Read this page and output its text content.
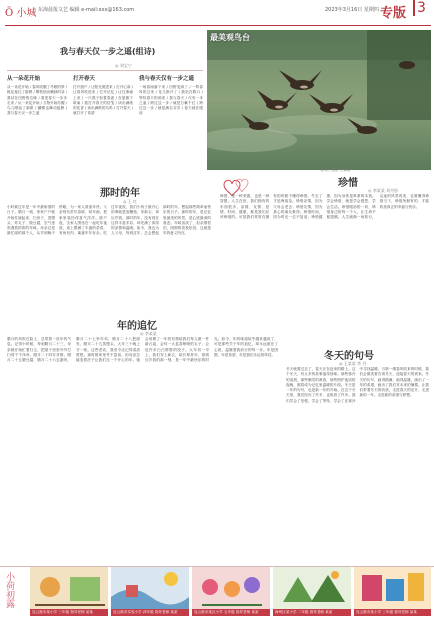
Ö 小城 东海晨报文艺 编辑 e-mail:xxx@163.com	2023年3月16日 星期四 专版 3
我与春天仅一步之遥(组诗)
◎ 刘宝宁
从一朵花开始
从一朵花开始 / 春风吹醒了冬眠的梦 / 桃花羞红了脸颊 / 柳枝抽出嫩绿的芽 / 我站在田野的边缘 / 看见春天一步步走来 / 从一朵花开始 / 万物开始苏醒 / 鸟儿唱起了新歌 / 蝴蝶也舞动翅膀 / 我与春天仅一步之遥
打开春天
打开窗户 / 让阳光照进来 / 打开心扉 / 让春风吹进来 / 打开记忆 / 让往事涌上来 / 一只燕子衔着春泥 / 在屋檐下筑巢 / 我打开春天的信笺 / 读出满纸的花香 / 读出满纸的鸟鸣 / 打开春天 / 就打开了希望
我与春天仅有一步之遥
一场春雨落下来 / 田野变绿了 / 一阵春风吹过来 / 花儿都开了 / 我站在路口 / 等待春天的到来 / 我与春天 / 仅有一步之遥 / 跨过这一步 / 就是万紫千红 / 跨过这一步 / 就是满目芬芳 / 春天就在眼前
最美观鸟台
观鸟台 摄影 王某某
那时的年
◎ 王 红
小时候过年是一年中最盼望的日子。腊月一到，家家户户就开始忙碌起来，扫房子、蒸馒头、炸丸子、做豆腐，空气里弥漫着浓浓的年味。母亲总是最忙碌的那个人，从早到晚不停歇，为一家人准备年货。父亲则负责写春联、贴年画，把家里装扮得喜气洋洋。除夕夜，全家人围坐在一起吃年夜饭，桌上摆满了丰盛的菜肴，有鱼有肉，寓意年年有余。吃过年夜饭，我们小孩子最开心的事就是放鞭炮、穿新衣、拿压岁钱。那时的年，没有现在这样丰富多彩，却充满了浓浓的亲情和温暖。如今，我也为人父母，每到过年，总会想起那时的年，想起那些简单而快乐的日子。那时的年，是记忆里最美的风景，是心底最深的眷恋。年味虽淡了，但亲情依旧，团圆的喜悦依旧，这就是年的意义所在。
珍惜
◎ 李某某 刘丹彤
珍惜，是一种美德，也是一种智慧。人生在世，我们拥有的东西很多，亲情、友情、爱情、时间、健康，都是我们应该珍惜的。可是我们常常在拥有的时候不懂得珍惜，失去了才追悔莫及。珍惜亲情，因为父母会老去；珍惜友情，因为真心的朋友难得；珍惜时间，因为时光一去不复返；珍惜健康，因为身体是革命的本钱。学会珍惜，就是学会感恩，学会生活。珍惜眼前的一切，珍惜身边的每一个人，让生命不留遗憾。人生就像一场旅行，沿途的风景再美，也要懂得珍惜当下，珍惜所拥有的，才能收获真正的幸福与快乐。
年的追忆
◎ 李某某
腊月的风吹在脸上，总带着一丝年的气息。记得小时候，每到腊月二十三，母亲就开始忙着扫尘，把屋子里里外外打扫得干干净净。腊月二十四写对联，腊月二十五磨豆腐，腊月二十六去割肉，腊月二十七宰年鸡，腊月二十八把面发，腊月二十九蒸馒头，大年三十晚上守一宿。这些老话，我至今还记得清清楚楚。那时候家里并不富裕，但母亲总能变着法子让我们过一个开心的年。她会用攒了一年的布票给我们每人做一件新衣裳，会炸一大盆香喷喷的丸子，会包许多白白胖胖的饺子。大年初一早上，我们穿上新衣，给长辈拜年，领到压岁钱的那一刻，是一年中最快乐的时光。如今，年的味道似乎越来越淡了，可是那些关于年的追忆，却永远留在了心底，温暖着我前行的每一步。年是团圆，年是希望，年是我们永远的牵挂。	冬天的句号
◎ 王某某 李 丹
冬天就要过去了，春天正在赶来的路上。这个冬天，有太多的故事值得回味。那些寒冷的清晨，那些飘雪的黄昏，那些围炉夜话的夜晚，都将成为记忆里温暖的片段。冬天是一年的句号，也是新一年的开始。在这个冬天里，我们经历了许多，也收获了许多。我们学会了坚强，学会了等待，学会了在寒冷中寻找温暖。当第一缕春风吹来的时候，我们会微笑着告别冬天，迎接春天的到来。冬天的句号，画得圆满，画得温暖，画出了一年的希望，画出了我们对未来的憧憬。让我们带着冬天的收获，走进春天的花开，走进新的一年，走进新的希望与梦想。
小荷初露
连云港市某小学 三年级 指导老师 某某	连云港市实验小学 四年级 指导老师 某某	连云港市某区小学 五年级 指导老师 某某	海州区某小学 二年级 指导老师 某某	连云港市某小学 三年级 指导老师 某某
